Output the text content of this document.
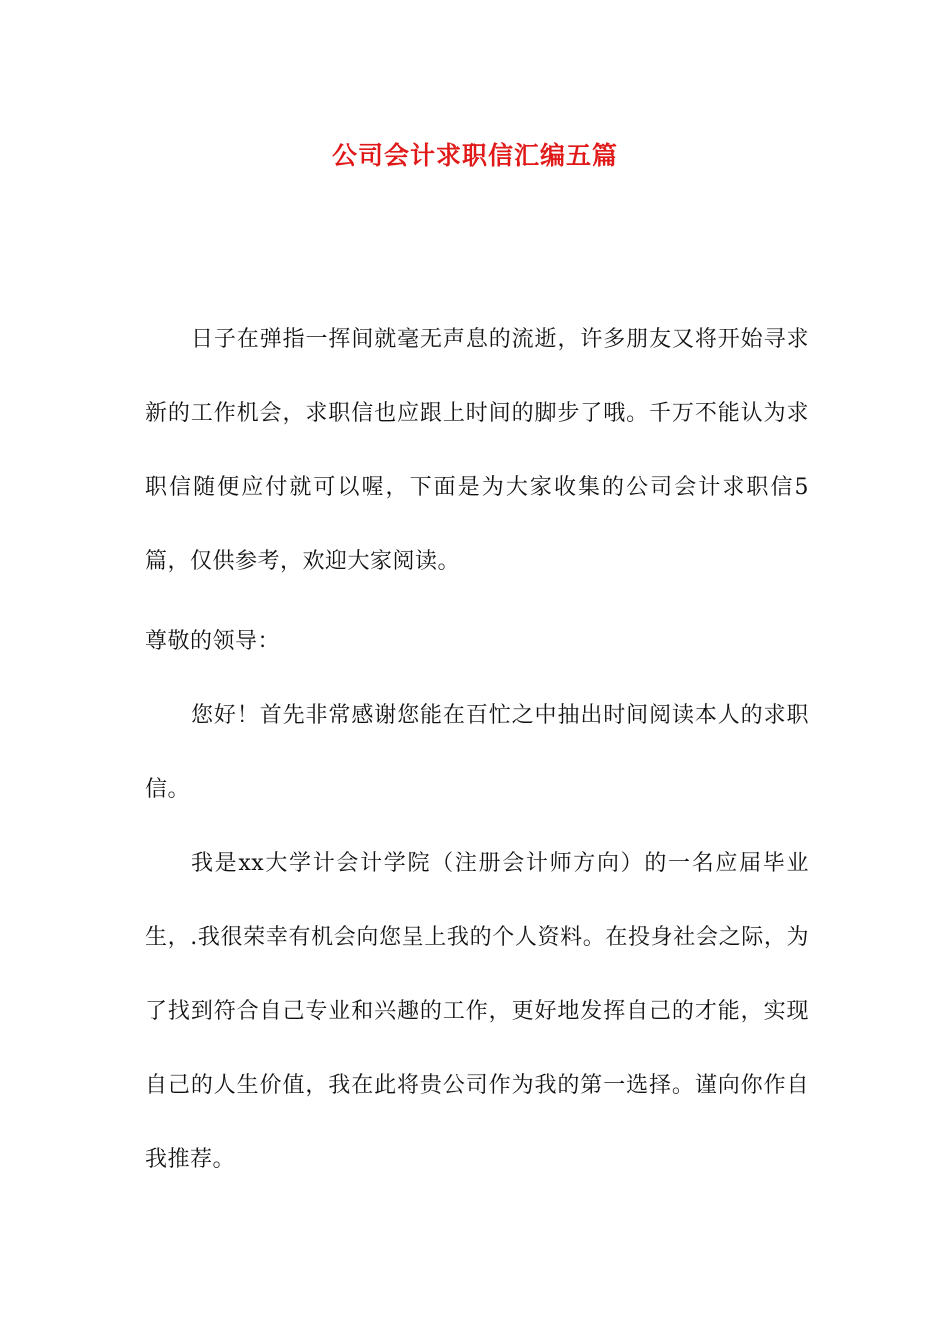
公司会计求职信汇编五篇

日子在弹指一挥间就毫无声息的流逝，许多朋友又将开始寻求新的工作机会，求职信也应跟上时间的脚步了哦。千万不能认为求职信随便应付就可以喔，下面是为大家收集的公司会计求职信5篇，仅供参考，欢迎大家阅读。

尊敬的领导：

您好！首先非常感谢您能在百忙之中抽出时间阅读本人的求职信。

我是xx大学计会计学院（注册会计师方向）的一名应届毕业生，.我很荣幸有机会向您呈上我的个人资料。在投身社会之际，为了找到符合自己专业和兴趣的工作，更好地发挥自己的才能，实现自己的人生价值，我在此将贵公司作为我的第一选择。谨向你作自我推荐。
